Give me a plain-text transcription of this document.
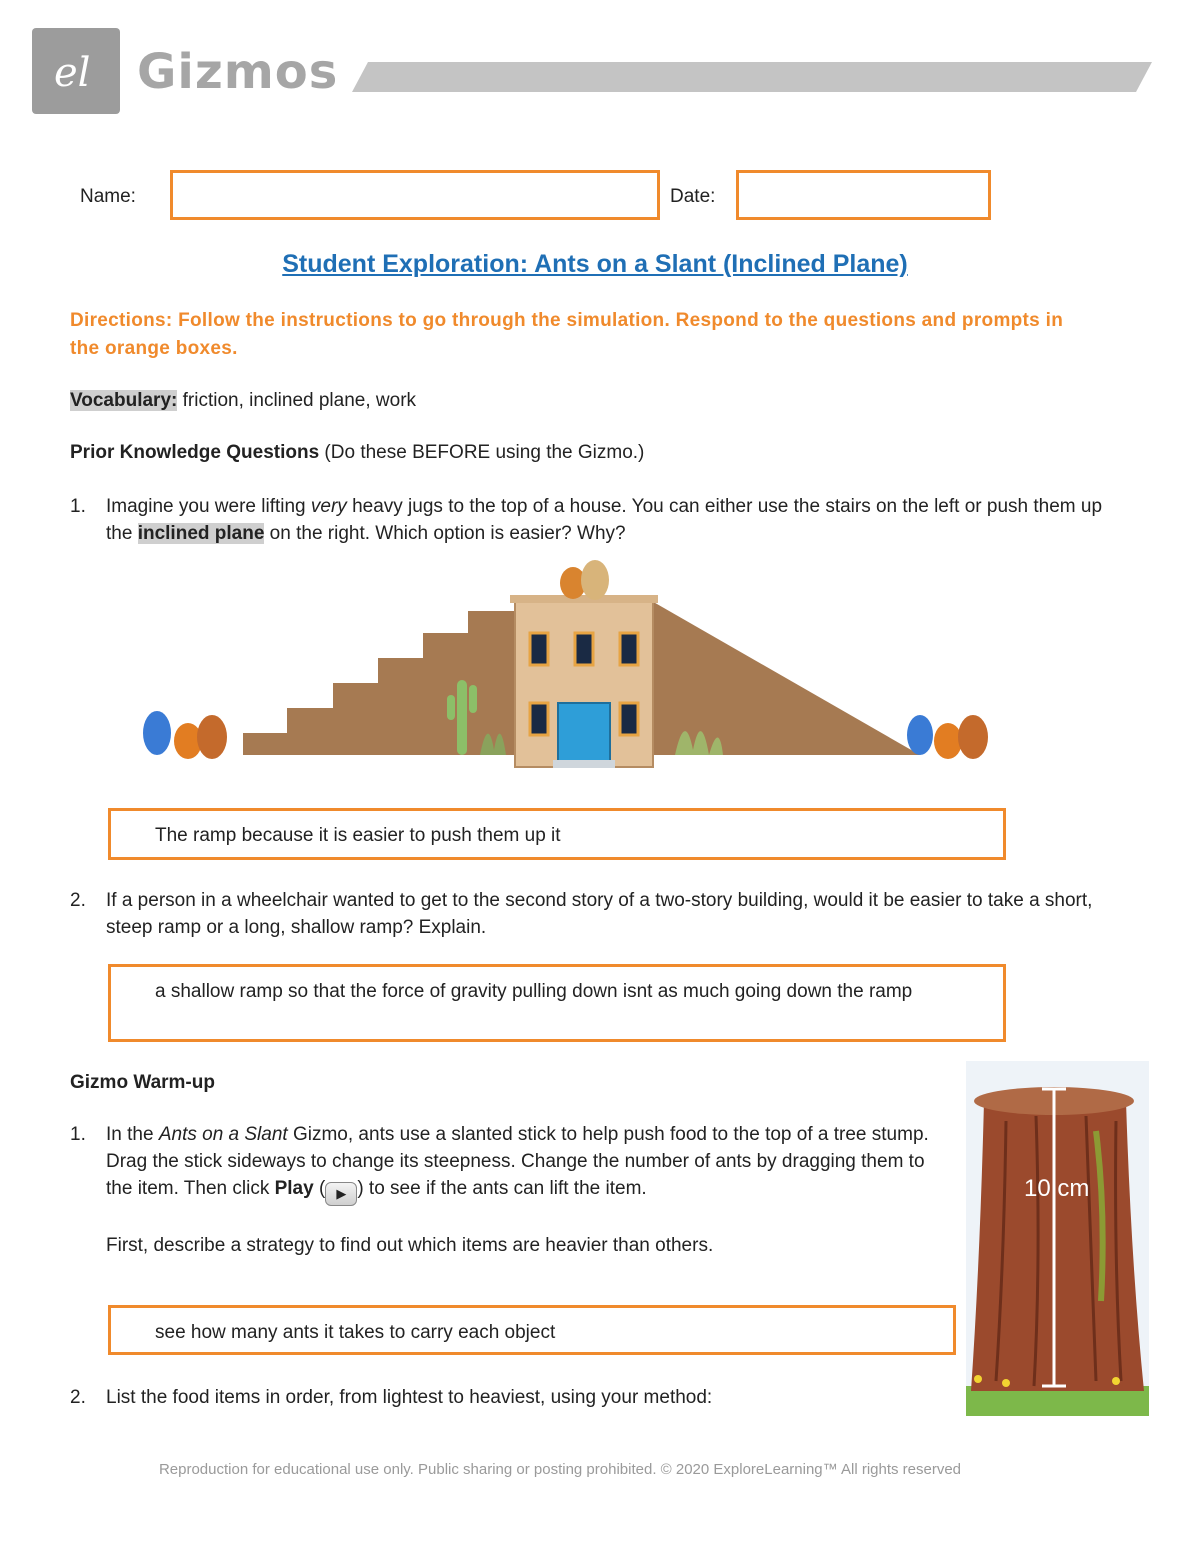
el Gizmos
Name:	Date:
Student Exploration: Ants on a Slant (Inclined Plane)
Directions: Follow the instructions to go through the simulation. Respond to the questions and prompts in the orange boxes.
Vocabulary: friction, inclined plane, work
Prior Knowledge Questions (Do these BEFORE using the Gizmo.)
1. Imagine you were lifting very heavy jugs to the top of a house. You can either use the stairs on the left or push them up the inclined plane on the right. Which option is easier? Why?
The ramp because it is easier to push them up it
2. If a person in a wheelchair wanted to get to the second story of a two-story building, would it be easier to take a short, steep ramp or a long, shallow ramp? Explain.
a shallow ramp so that the force of gravity pulling down isnt as much going down the ramp
Gizmo Warm-up
1. In the Ants on a Slant Gizmo, ants use a slanted stick to help push food to the top of a tree stump. Drag the stick sideways to change its steepness. Change the number of ants by dragging them to the item. Then click Play ( ▶ ) to see if the ants can lift the item.
First, describe a strategy to find out which items are heavier than others.
see how many ants it takes to carry each object
2. List the food items in order, from lightest to heaviest, using your method:
10 cm
Reproduction for educational use only. Public sharing or posting prohibited. © 2020 ExploreLearning™ All rights reserved
